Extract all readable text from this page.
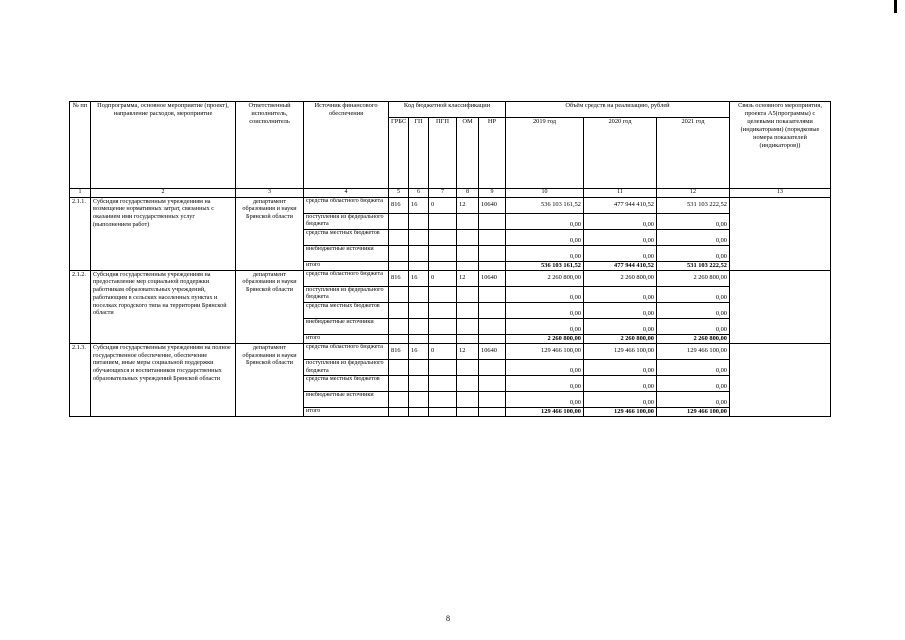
№ пп	Подпрограмма, основное мероприятие (проект), направление расходов, мероприятие	Ответственный исполнитель, соисполнитель	Источник финансового обеспечения	Код бюджетной классификации					Объём средств на реализацию, рублей			Связь основного мероприятия, проекта А5(программы) с целевыми показателями (индикаторами) (порядковые номера показателей (индикаторов))
				ГРБС	ГП	ПГП	ОМ	НР	2019 год	2020 год	2021 год	
1	2	3	4	5	6	7	8	9	10	11	12	13
2.1.1.	Субсидия государственным учреждениям на возмещение нормативных затрат, связанных с оказанием ими государственных услуг (выполнением работ)	департамент образования и науки Брянской области	средства областного бюджета	816	16	0	12	10640	536 103 161,52	477 944 410,52	531 103 222,52	
			поступления из федерального бюджета						0,00	0,00	0,00	
			средства местных бюджетов						0,00	0,00	0,00	
			внебюджетные источники						0,00	0,00	0,00	
			итого						536 103 161,52	477 944 410,52	531 103 222,52	
2.1.2.	Субсидия государственным учреждениям на предоставление мер социальной поддержки работникам образовательных учреждений, работающим в сельских населенных пунктах и поселках городского типа на территории Брянской области	департамент образования и науки Брянской области	средства областного бюджета	816	16	0	12	10640	2 260 800,00	2 260 800,00	2 260 800,00	
			поступления из федерального бюджета						0,00	0,00	0,00	
			средства местных бюджетов						0,00	0,00	0,00	
			внебюджетные источники						0,00	0,00	0,00	
			итого						2 260 800,00	2 260 800,00	2 260 800,00	
2.1.3.	Субсидия государственным учреждениям на полное государственное обеспечение, обеспечение питанием, иные меры социальной поддержки обучающихся и воспитанников государственных образовательных учреждений Брянской области	департамент образования и науки Брянской области	средства областного бюджета	816	16	0	12	10640	129 466 100,00	129 466 100,00	129 466 100,00	
			поступления из федерального бюджета						0,00	0,00	0,00	
			средства местных бюджетов						0,00	0,00	0,00	
			внебюджетные источники						0,00	0,00	0,00	
			итого						129 466 100,00	129 466 100,00	129 466 100,00	
8
